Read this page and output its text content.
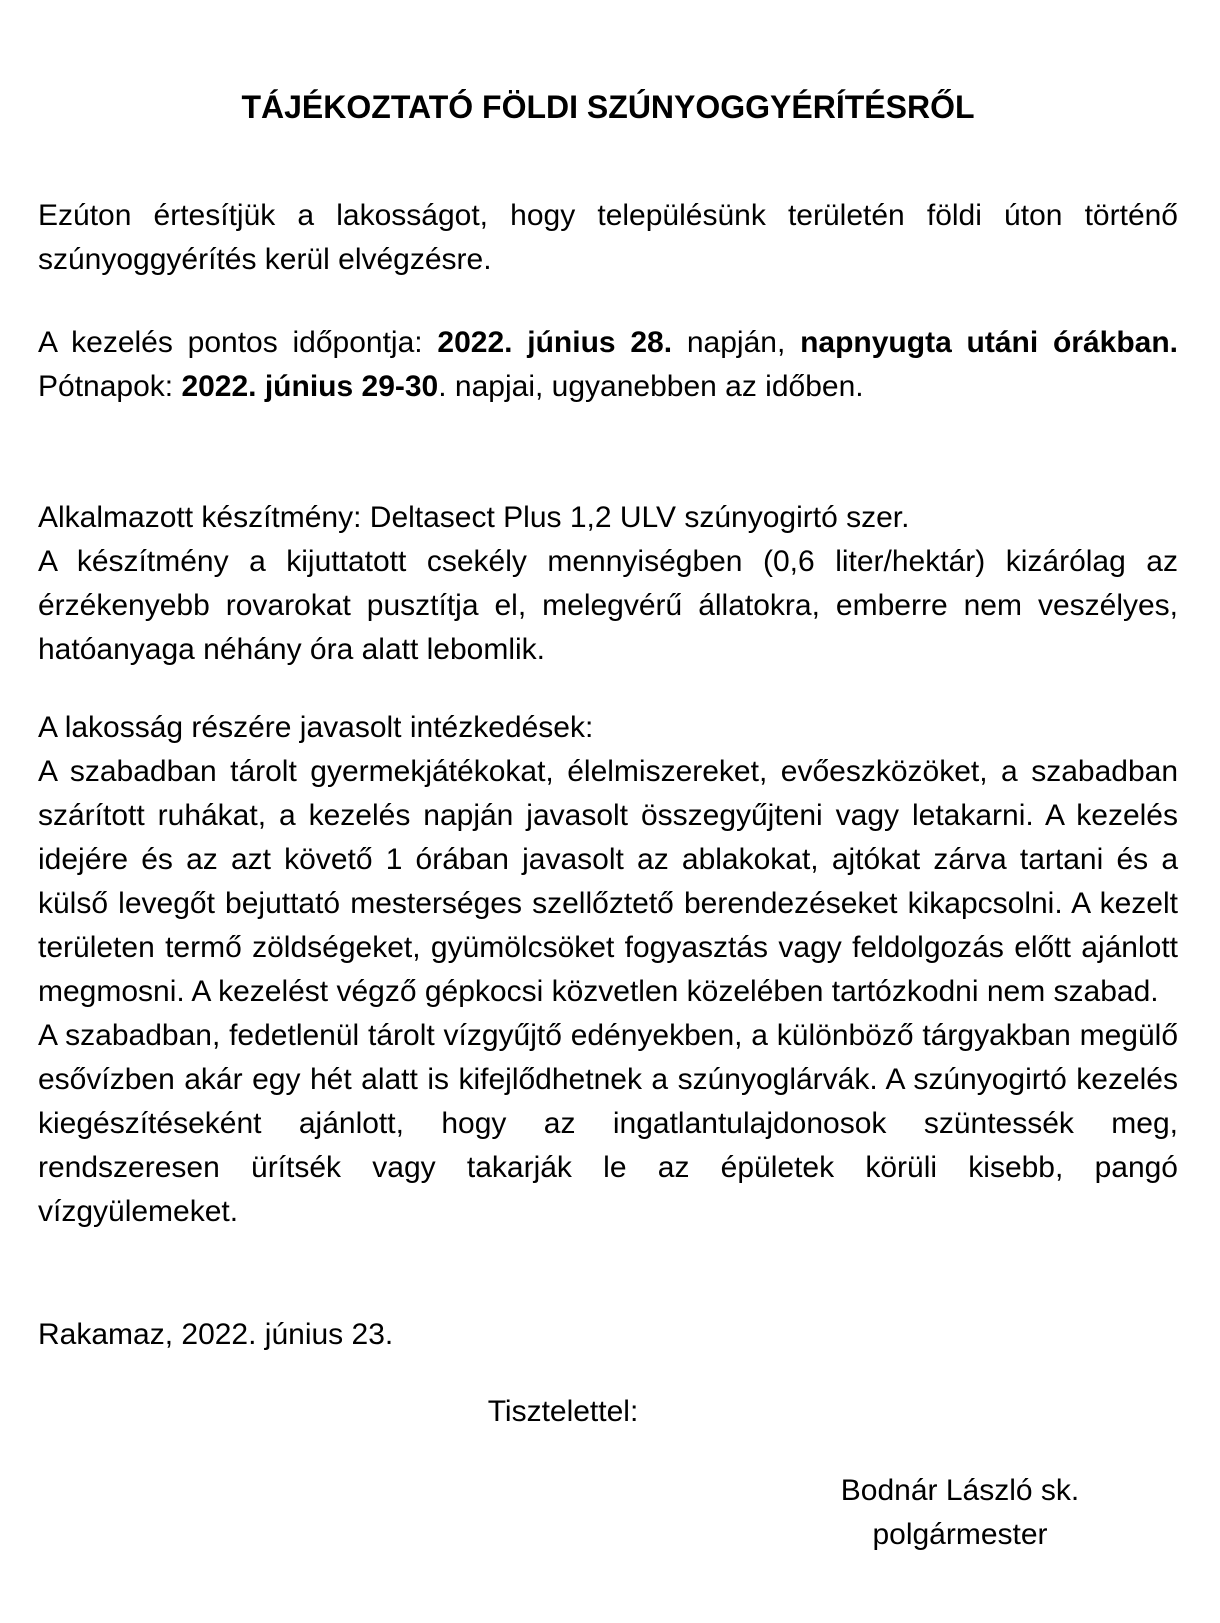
TÁJÉKOZTATÓ FÖLDI SZÚNYOGGYÉRÍTÉSRŐL

Ezúton értesítjük a lakosságot, hogy településünk területén földi úton történő szúnyoggyérítés kerül elvégzésre.

A kezelés pontos időpontja: 2022. június 28. napján, napnyugta utáni órákban. Pótnapok: 2022. június 29-30. napjai, ugyanebben az időben.

Alkalmazott készítmény: Deltasect Plus 1,2 ULV szúnyogirtó szer.

A készítmény a kijuttatott csekély mennyiségben (0,6 liter/hektár) kizárólag az érzékenyebb rovarokat pusztítja el, melegvérű állatokra, emberre nem veszélyes, hatóanyaga néhány óra alatt lebomlik.

A lakosság részére javasolt intézkedések:

A szabadban tárolt gyermekjátékokat, élelmiszereket, evőeszközöket, a szabadban szárított ruhákat, a kezelés napján javasolt összegyűjteni vagy letakarni. A kezelés idejére és az azt követő 1 órában javasolt az ablakokat, ajtókat zárva tartani és a külső levegőt bejuttató mesterséges szellőztető berendezéseket kikapcsolni. A kezelt területen termő zöldségeket, gyümölcsöket fogyasztás vagy feldolgozás előtt ajánlott megmosni. A kezelést végző gépkocsi közvetlen közelében tartózkodni nem szabad.

A szabadban, fedetlenül tárolt vízgyűjtő edényekben, a különböző tárgyakban megülő esővízben akár egy hét alatt is kifejlődhetnek a szúnyoglárvák. A szúnyogirtó kezelés kiegészítéseként ajánlott, hogy az ingatlantulajdonosok szüntessék meg, rendszeresen ürítsék vagy takarják le az épületek körüli kisebb, pangó vízgyülemeket.

Rakamaz, 2022. június 23.

Tisztelettel:

Bodnár László sk.
polgármester
